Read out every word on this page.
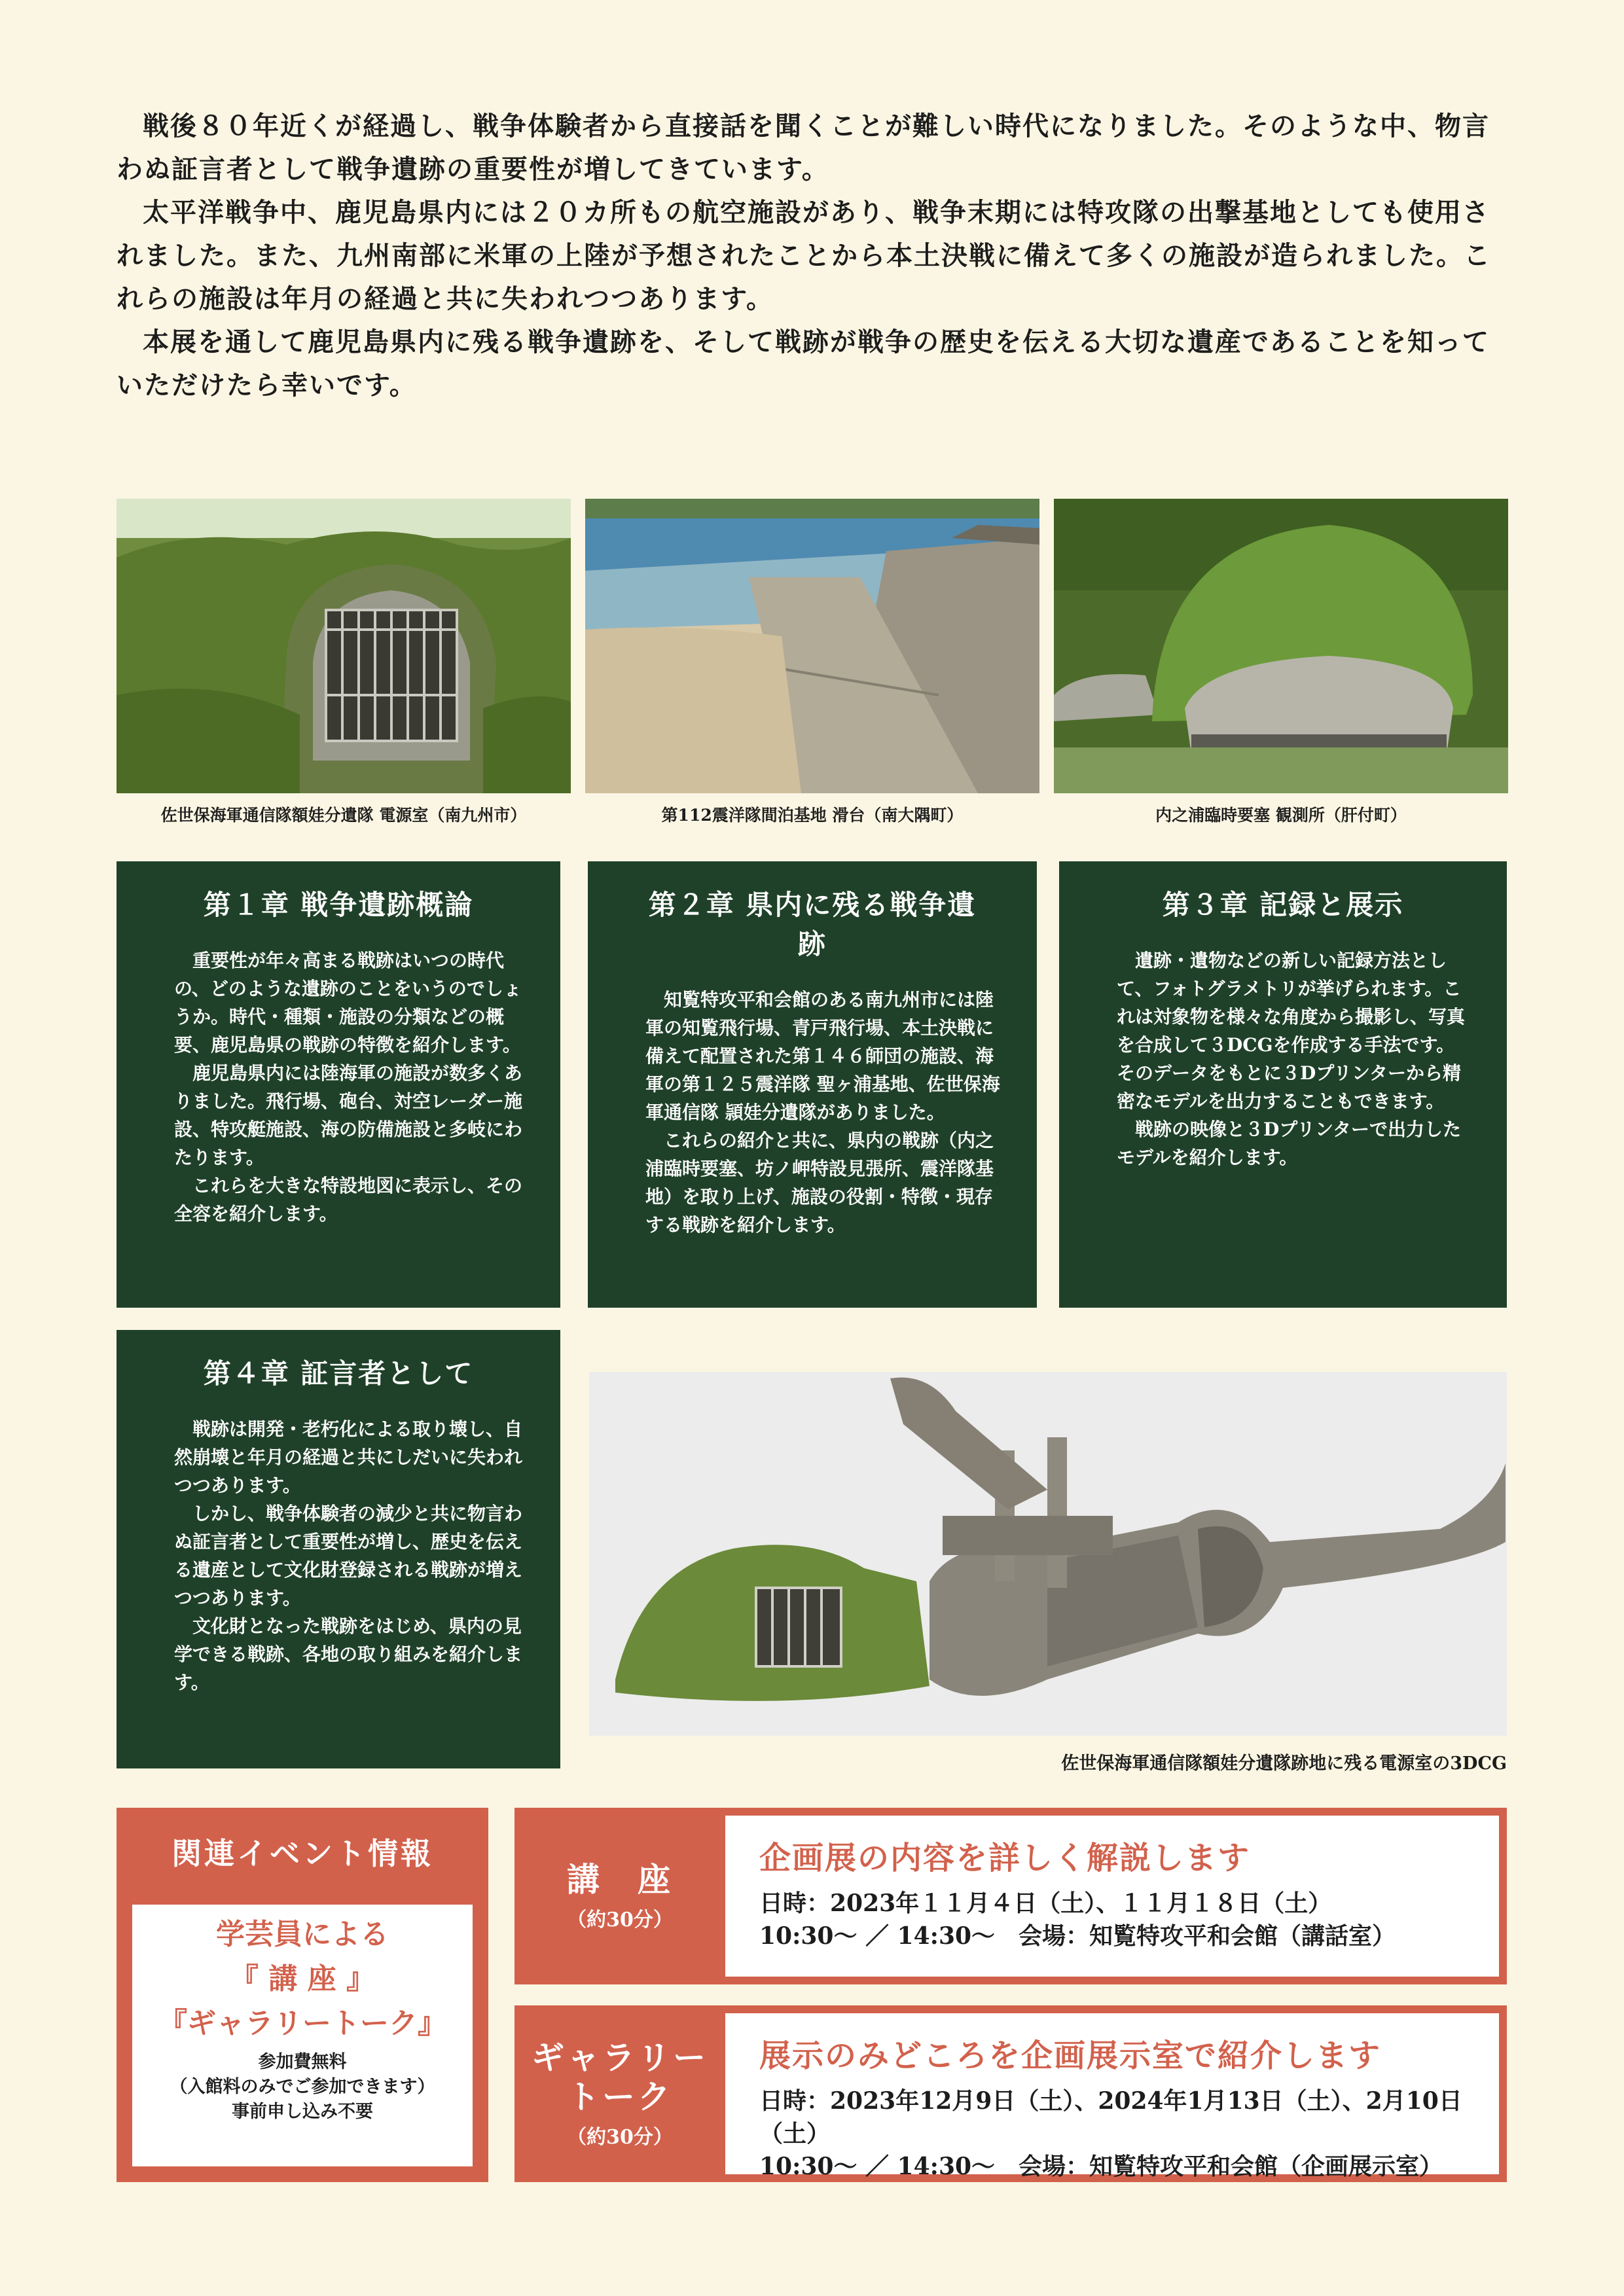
戦後８０年近くが経過し、戦争体験者から直接話を聞くことが難しい時代になりました。そのような中、物言わぬ証言者として戦争遺跡の重要性が増してきています。

太平洋戦争中、鹿児島県内には２０カ所もの航空施設があり、戦争末期には特攻隊の出撃基地としても使用されました。また、九州南部に米軍の上陸が予想されたことから本土決戦に備えて多くの施設が造られました。これらの施設は年月の経過と共に失われつつあります。

本展を通して鹿児島県内に残る戦争遺跡を、そして戦跡が戦争の歴史を伝える大切な遺産であることを知っていただけたら幸いです。

佐世保海軍通信隊額娃分遺隊 電源室（南九州市）	第112震洋隊間泊基地 滑台（南大隅町）	内之浦臨時要塞 観測所（肝付町）
第１章 戦争遺跡概論

重要性が年々高まる戦跡はいつの時代の、どのような遺跡のことをいうのでしょうか。時代・種類・施設の分類などの概要、鹿児島県の戦跡の特徴を紹介します。

鹿児島県内には陸海軍の施設が数多くありました。飛行場、砲台、対空レーダー施設、特攻艇施設、海の防備施設と多岐にわたります。

これらを大きな特設地図に表示し、その全容を紹介します。

第２章 県内に残る戦争遺跡

知覧特攻平和会館のある南九州市には陸軍の知覧飛行場、青戸飛行場、本土決戦に備えて配置された第１４６師団の施設、海軍の第１２５震洋隊 聖ヶ浦基地、佐世保海軍通信隊 頴娃分遺隊がありました。

これらの紹介と共に、県内の戦跡（内之浦臨時要塞、坊ノ岬特設見張所、震洋隊基地）を取り上げ、施設の役割・特徴・現存する戦跡を紹介します。

第３章 記録と展示

遺跡・遺物などの新しい記録方法として、フォトグラメトリが挙げられます。これは対象物を様々な角度から撮影し、写真を合成して３DCGを作成する手法です。そのデータをもとに３Dプリンターから精密なモデルを出力することもできます。

戦跡の映像と３Dプリンターで出力したモデルを紹介します。

第４章 証言者として

戦跡は開発・老朽化による取り壊し、自然崩壊と年月の経過と共にしだいに失われつつあります。

しかし、戦争体験者の減少と共に物言わぬ証言者として重要性が増し、歴史を伝える遺産として文化財登録される戦跡が増えつつあります。

文化財となった戦跡をはじめ、県内の見学できる戦跡、各地の取り組みを紹介します。

佐世保海軍通信隊額娃分遺隊跡地に残る電源室の3DCG
関連イベント情報
学芸員による
『 講 座 』
『ギャラリートーク』
参加費無料
（入館料のみでご参加できます）
事前申し込み不要
講　座
（約30分）
企画展の内容を詳しく解説します
日時：2023年１１月４日（土）、１１月１８日（土）
10:30〜 ／ 14:30〜　会場：知覧特攻平和会館（講話室）
ギャラリー
トーク
（約30分）
展示のみどころを企画展示室で紹介します
日時：2023年12月9日（土）、2024年1月13日（土）、2月10日（土）
10:30〜 ／ 14:30〜　会場：知覧特攻平和会館（企画展示室）
